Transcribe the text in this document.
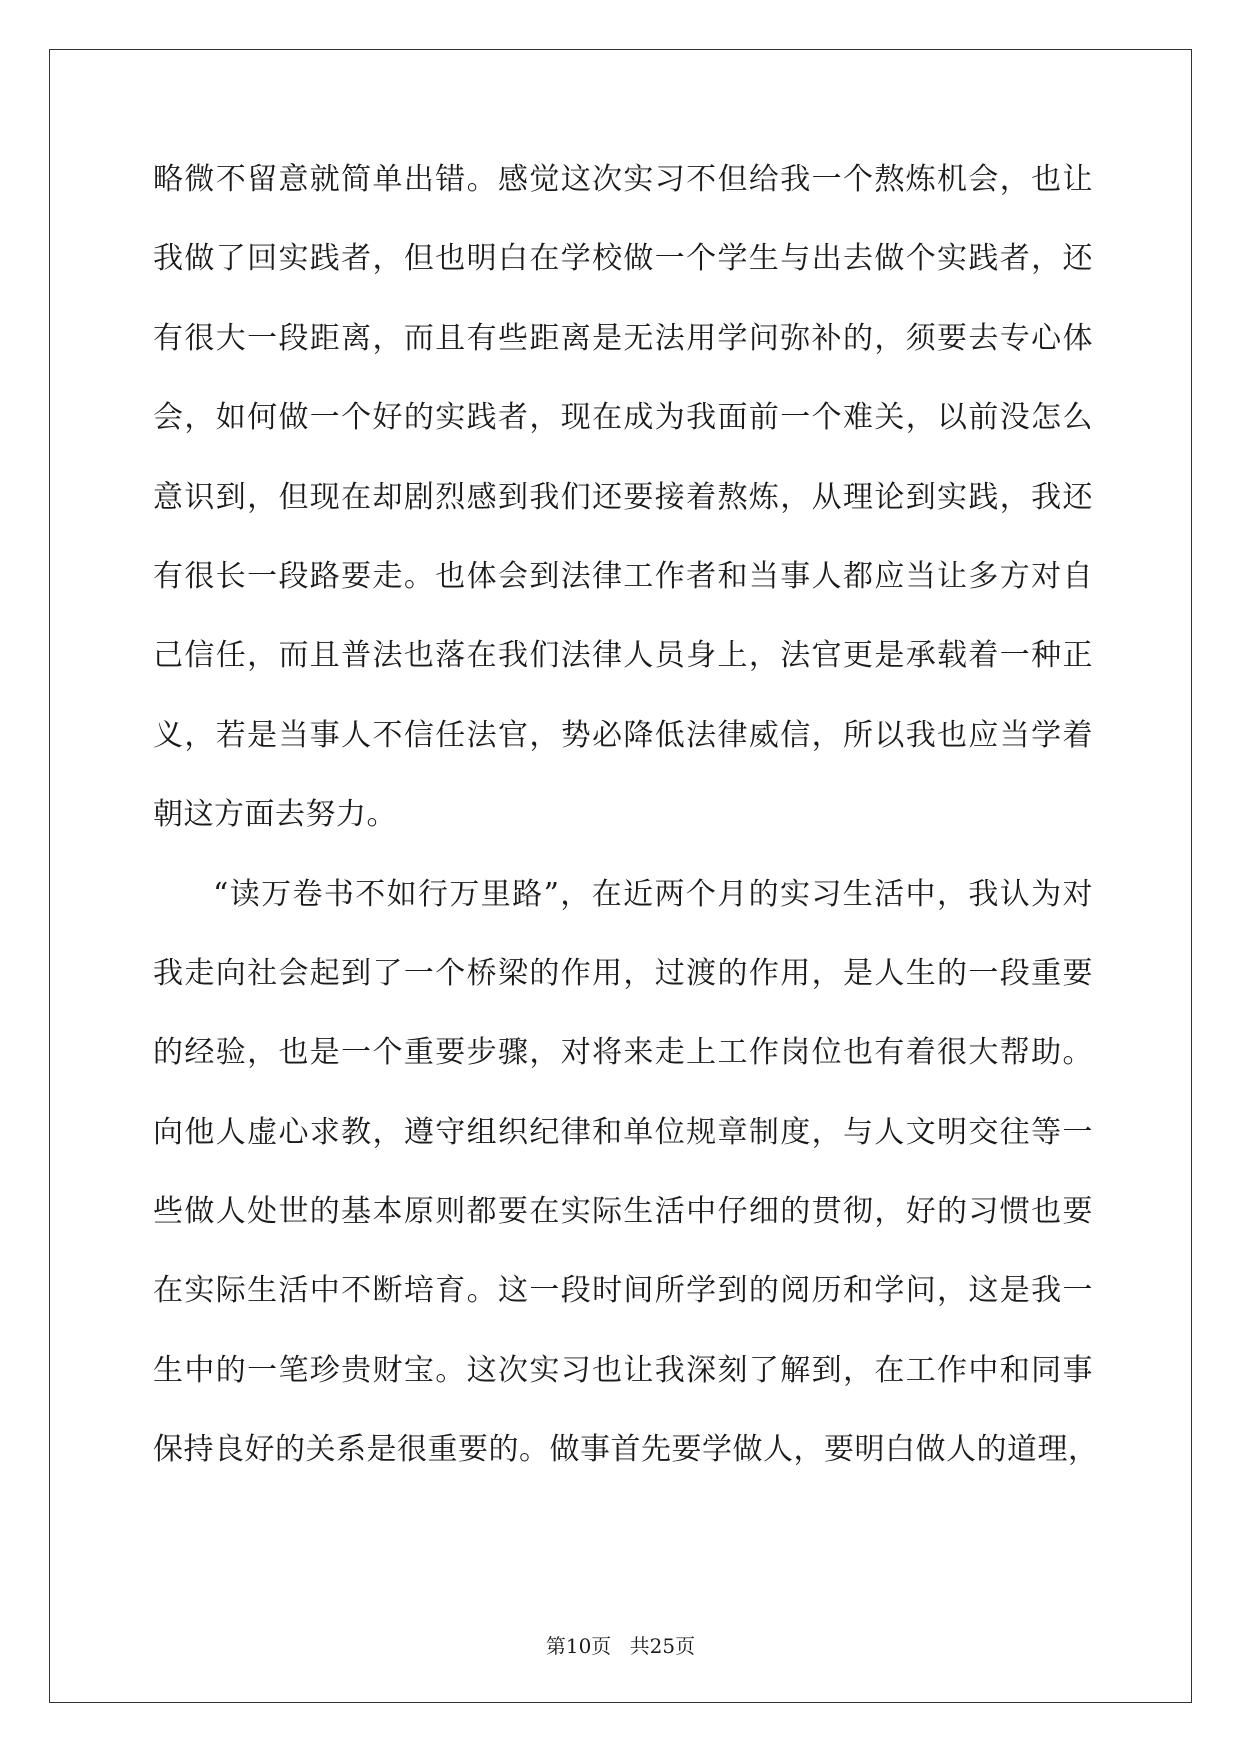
略微不留意就简单出错。感觉这次实习不但给我一个熬炼机会，也让
我做了回实践者，但也明白在学校做一个学生与出去做个实践者，还
有很大一段距离，而且有些距离是无法用学问弥补的，须要去专心体
会，如何做一个好的实践者，现在成为我面前一个难关，以前没怎么
意识到，但现在却剧烈感到我们还要接着熬炼，从理论到实践，我还
有很长一段路要走。也体会到法律工作者和当事人都应当让多方对自
己信任，而且普法也落在我们法律人员身上，法官更是承载着一种正
义，若是当事人不信任法官，势必降低法律威信，所以我也应当学着
朝这方面去努力。
“读万卷书不如行万里路”，在近两个月的实习生活中，我认为对
我走向社会起到了一个桥梁的作用，过渡的作用，是人生的一段重要
的经验，也是一个重要步骤，对将来走上工作岗位也有着很大帮助。
向他人虚心求教，遵守组织纪律和单位规章制度，与人文明交往等一
些做人处世的基本原则都要在实际生活中仔细的贯彻，好的习惯也要
在实际生活中不断培育。这一段时间所学到的阅历和学问，这是我一
生中的一笔珍贵财宝。这次实习也让我深刻了解到，在工作中和同事
保持良好的关系是很重要的。做事首先要学做人，要明白做人的道理，
第10页 共25页
